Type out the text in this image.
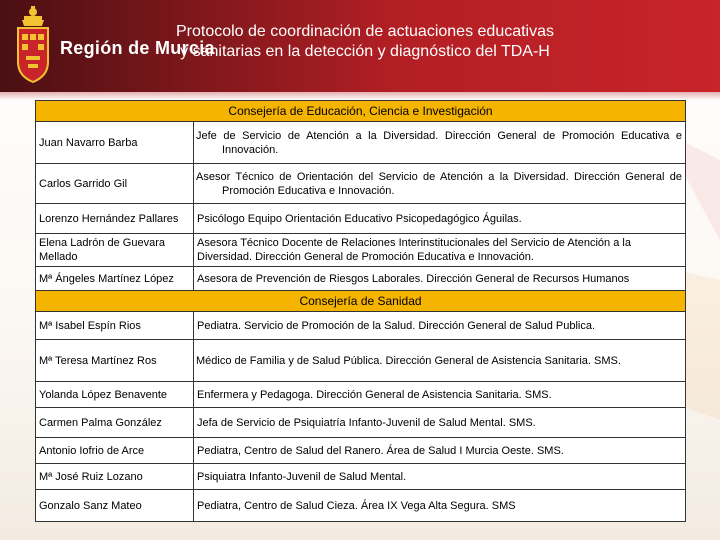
Región de Murcia
Protocolo de coordinación de actuaciones educativas
y sanitarias en la detección y diagnóstico del TDA-H
Consejería de Educación, Ciencia e Investigación	
Juan Navarro Barba	Jefe de Servicio de Atención a la Diversidad. Dirección General de Promoción Educativa e Innovación.
Carlos Garrido Gil	Asesor Técnico de Orientación del Servicio de Atención a la Diversidad. Dirección General de Promoción Educativa e Innovación.
Lorenzo Hernández Pallares	Psicólogo Equipo Orientación Educativo Psicopedagógico Águilas.
Elena Ladrón de Guevara Mellado	Asesora Técnico Docente de Relaciones Interinstitucionales del Servicio de Atención a la Diversidad. Dirección General de Promoción Educativa e Innovación.
Mª Ángeles Martínez López	Asesora de Prevención de Riesgos Laborales. Dirección General de Recursos Humanos
Consejería de Sanidad	
Mª Isabel Espín Rios	Pediatra. Servicio de Promoción de la Salud. Dirección General de Salud Publica.
Mª Teresa Martínez Ros	Médico de Familia y de Salud Pública. Dirección General de Asistencia Sanitaria. SMS.
Yolanda López Benavente	Enfermera y Pedagoga. Dirección General de Asistencia Sanitaria. SMS.
Carmen Palma González	Jefa de Servicio de Psiquiatría Infanto-Juvenil de Salud Mental. SMS.
Antonio Iofrio de Arce	Pediatra, Centro de Salud del Ranero. Área de Salud I Murcia Oeste. SMS.
Mª José Ruiz Lozano	Psiquiatra Infanto-Juvenil de Salud Mental.
Gonzalo Sanz Mateo	Pediatra, Centro de Salud Cieza. Área IX Vega Alta Segura. SMS
